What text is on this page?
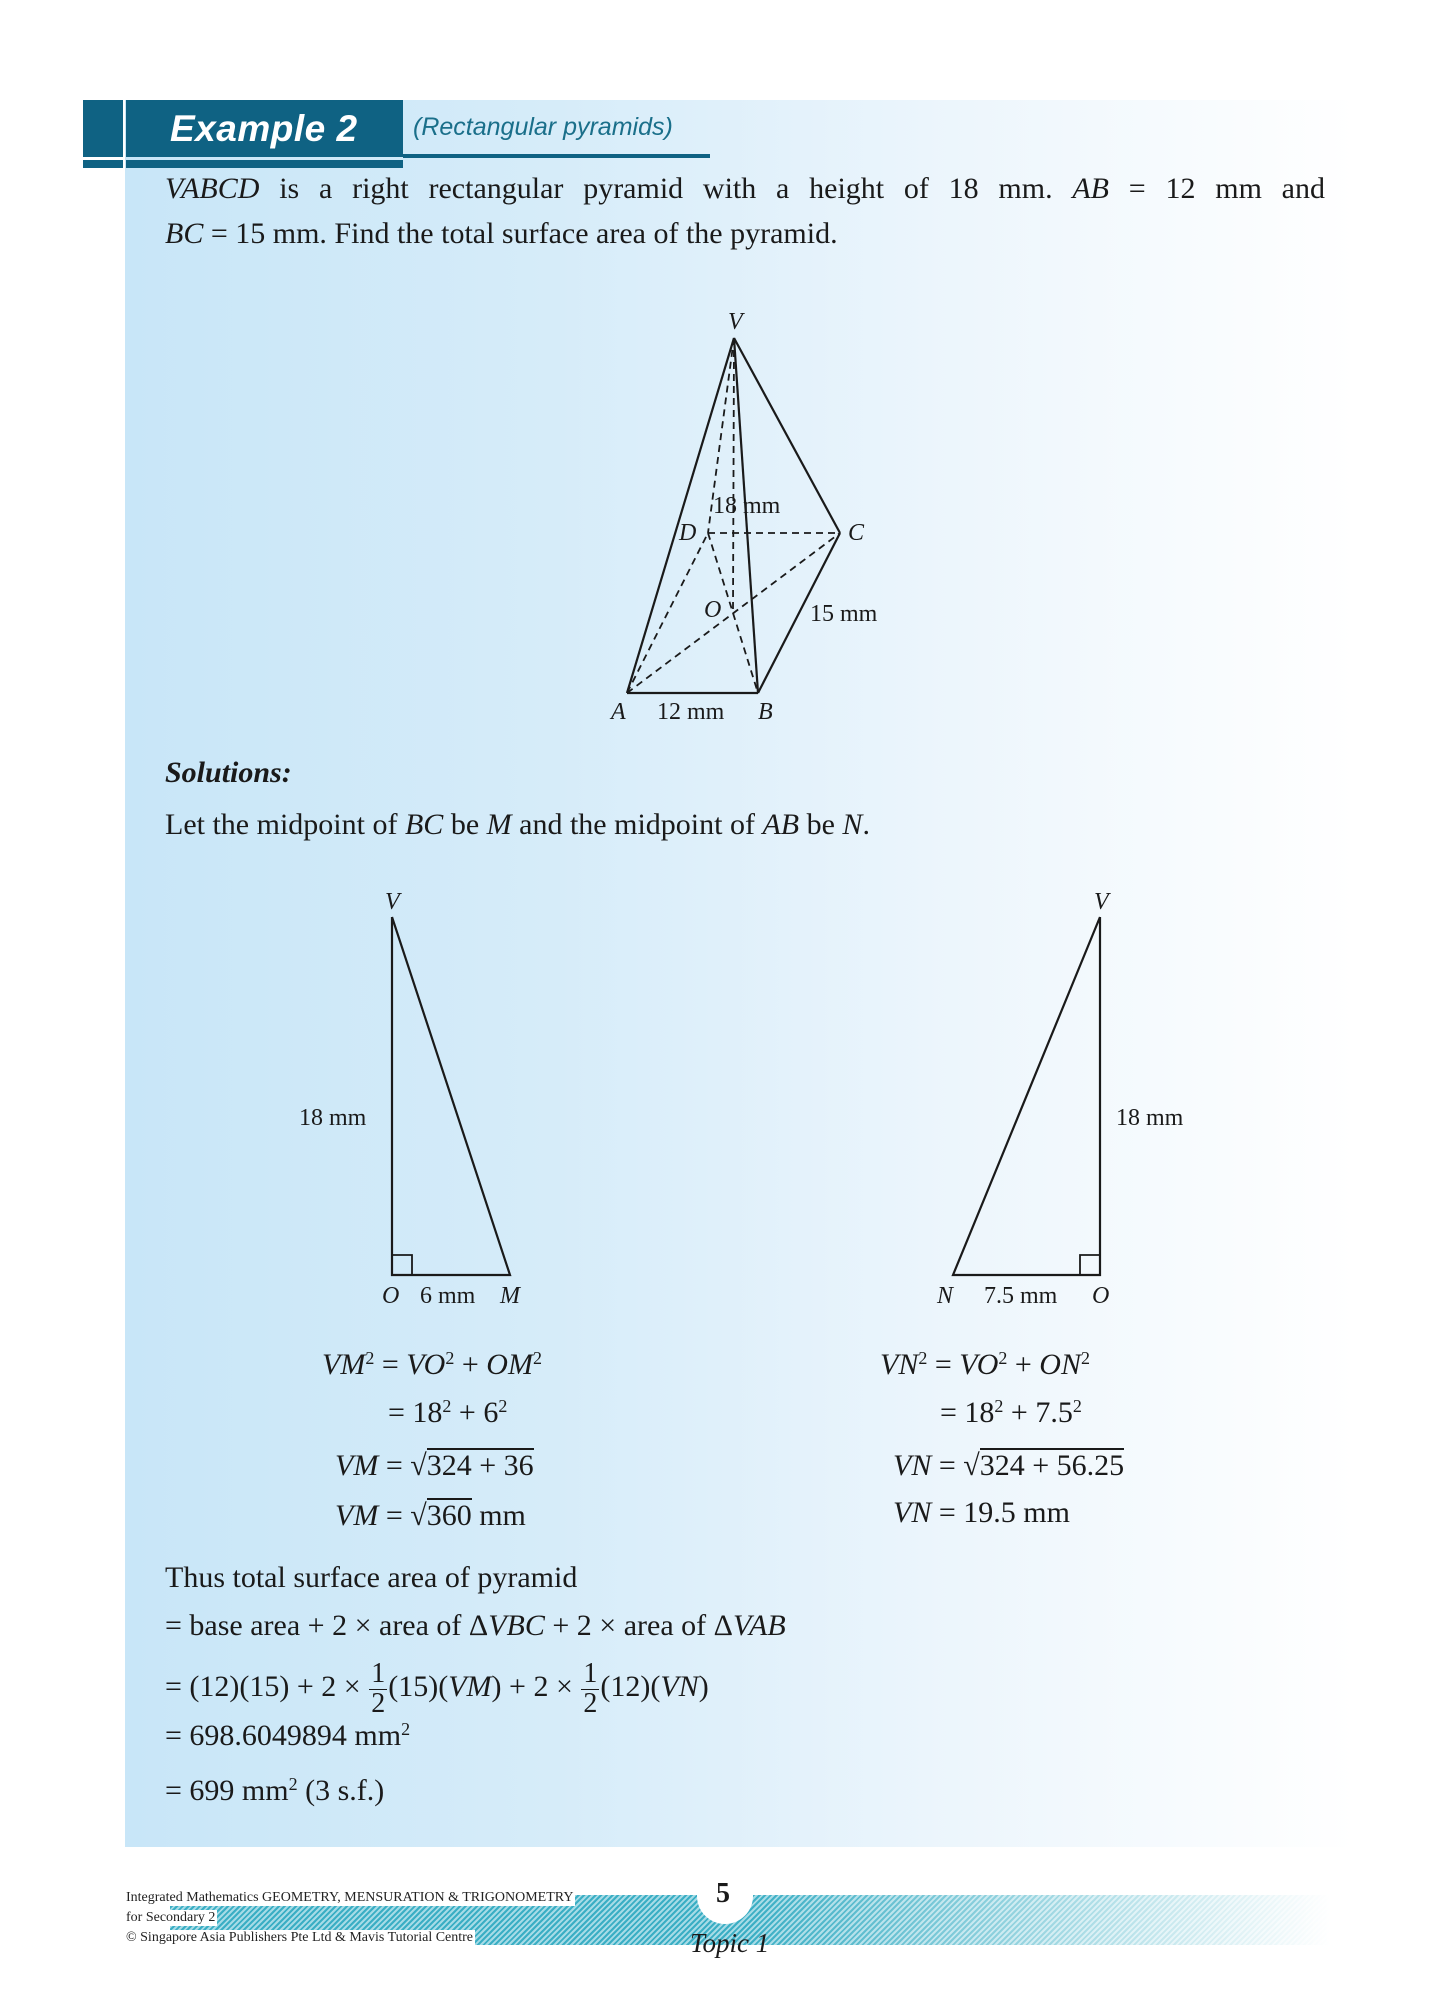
Example 2 (Rectangular pyramids)
VABCD is a right rectangular pyramid with a height of 18 mm. AB = 12 mm and
BC = 15 mm. Find the total surface area of the pyramid.
V
D	C
O
A	B
18 mm
12 mm
15 mm
Solutions:
Let the midpoint of BC be M and the midpoint of AB be N.
V
18 mm
O 6 mm M
V
18 mm
N 7.5 mm O
$VM^2 = VO^2 + OM^2$
= $18^2 + 6^2$
VM = √324 + 36
VM = √360 mm
$VN^2 = VO^2 + ON^2$
= $18^2 + 7.5^2$
VN = √324 + 56.25
VN = 19.5 mm
Thus total surface area of pyramid
= base area + 2 × area of ΔVBC + 2 × area of ΔVAB
= $(12)(15) + 2 \times \frac{1}{2} (15)(VM) + 2 \times \frac{1}{2} (12)(VN)$
= 698.6049894 $mm^2$
= 699 $mm^2$ (3 s.f.)
Integrated Mathematics GEOMETRY, MENSURATION & TRIGONOMETRY
for Secondary 2
© Singapore Asia Publishers Pte Ltd & Mavis Tutorial Centre
5
Topic 1
